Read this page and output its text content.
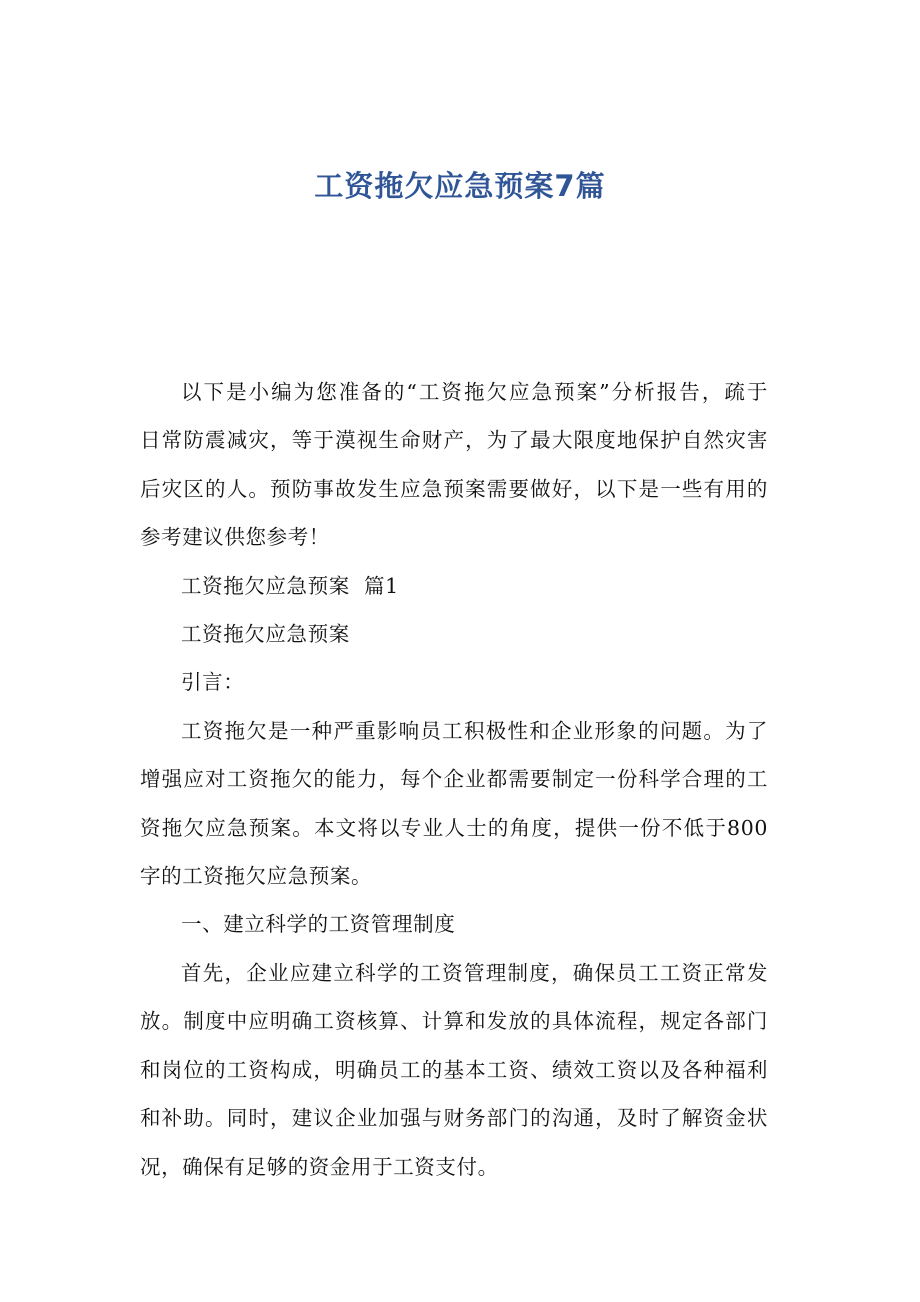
工资拖欠应急预案7篇

以下是小编为您准备的“工资拖欠应急预案”分析报告，疏于
日常防震减灾，等于漠视生命财产，为了最大限度地保护自然灾害
后灾区的人。预防事故发生应急预案需要做好，以下是一些有用的
参考建议供您参考！

工资拖欠应急预案  篇1

工资拖欠应急预案

引言：

工资拖欠是一种严重影响员工积极性和企业形象的问题。为了
增强应对工资拖欠的能力，每个企业都需要制定一份科学合理的工
资拖欠应急预案。本文将以专业人士的角度，提供一份不低于800
字的工资拖欠应急预案。

一、建立科学的工资管理制度

首先，企业应建立科学的工资管理制度，确保员工工资正常发
放。制度中应明确工资核算、计算和发放的具体流程，规定各部门
和岗位的工资构成，明确员工的基本工资、绩效工资以及各种福利
和补助。同时，建议企业加强与财务部门的沟通，及时了解资金状
况，确保有足够的资金用于工资支付。
